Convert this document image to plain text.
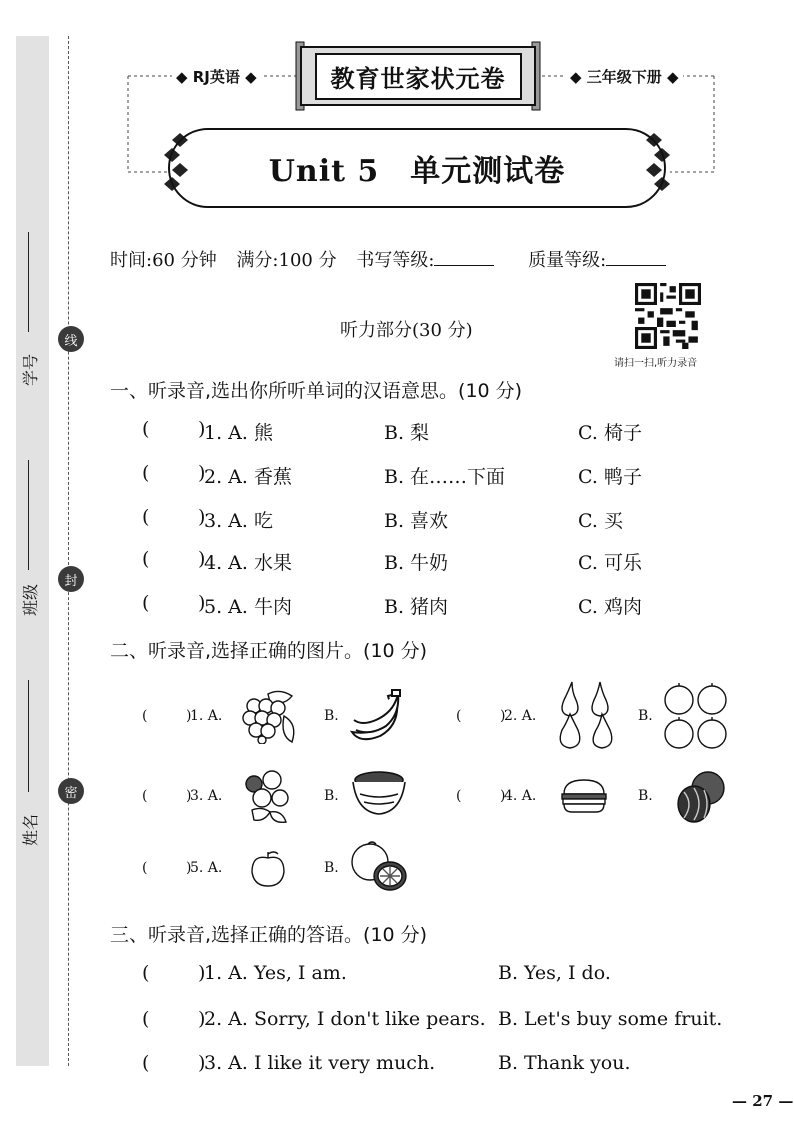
学号
班级
姓名
线
封
密
◆ RJ英语 ◆	教育世家状元卷	◆ 三年级下册 ◆
Unit 5　单元测试卷
时间:60 分钟 满分:100 分 书写等级:	质量等级:
请扫一扫,听力录音
听力部分(30 分)
一、听录音,选出你所听单词的汉语意思。(10 分)
(	)
1. A. 熊	B. 梨	C. 椅子
(	)
2. A. 香蕉	B. 在……下面	C. 鸭子
(	)
3. A. 吃	B. 喜欢	C. 买
(	)
4. A. 水果	B. 牛奶	C. 可乐
(	)
5. A. 牛肉	B. 猪肉	C. 鸡肉
二、听录音,选择正确的图片。(10 分)
(	)
1. A.	B.	(	)
2. A.	B.
(	)
3. A.	B.	(	)
4. A.	B.
(	)
5. A.	B.
三、听录音,选择正确的答语。(10 分)
(	)
1. A. Yes, I am.	B. Yes, I do.
(	)
2. A. Sorry, I don't like pears. B. Let's buy some fruit.
(	)
3. A. I like it very much.	B. Thank you.
— 27 —
